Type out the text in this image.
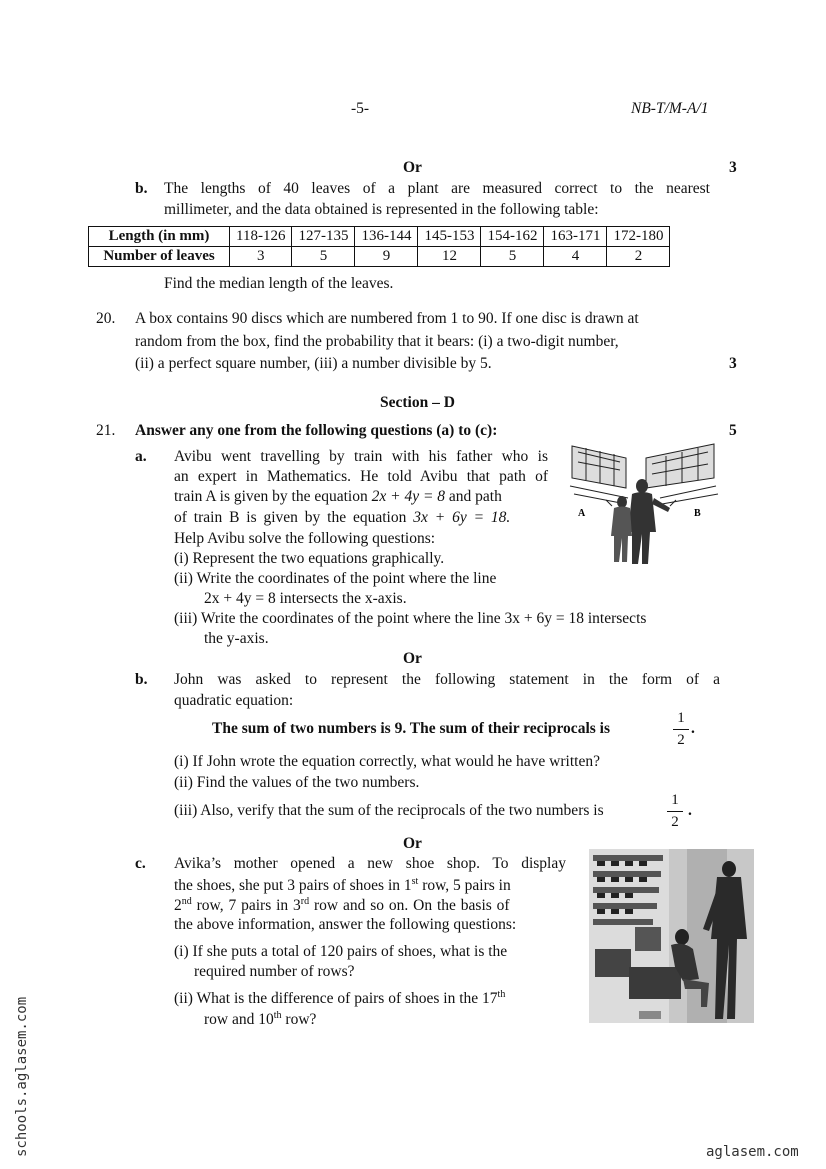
-5-	NB-T/M-A/1
Or	3
b. The lengths of 40 leaves of a plant are measured correct to the nearest
millimeter, and the data obtained is represented in the following table:
Length (in mm)	118-126	127-135	136-144	145-153	154-162	163-171	172-180
Number of leaves	3	5	9	12	5	4	2
Find the median length of the leaves.
20. A box contains 90 discs which are numbered from 1 to 90. If one disc is drawn at
random from the box, find the probability that it bears: (i) a two-digit number,
(ii) a perfect square number, (iii) a number divisible by 5.	3
Section – D
21. Answer any one from the following questions (a) to (c):	5
a. Avibu went travelling by train with his father who is
an expert in Mathematics. He told Avibu that path of
train A is given by the equation 2x + 4y = 8 and path
of train B is given by the equation 3x + 6y = 18.
Help Avibu solve the following questions:
(i) Represent the two equations graphically.
(ii) Write the coordinates of the point where the line
2x + 4y = 8 intersects the x-axis.
(iii) Write the coordinates of the point where the line 3x + 6y = 18 intersects
the y-axis.
A	B
Or
b. John was asked to represent the following statement in the form of a
quadratic equation:
The sum of two numbers is 9. The sum of their reciprocals is
1
2
.
(i) If John wrote the equation correctly, what would he have written?
(ii) Find the values of the two numbers.
(iii) Also, verify that the sum of the reciprocals of the two numbers is
1
2
.
Or
c. Avika’s mother opened a new shoe shop. To display
the shoes, she put 3 pairs of shoes in 1st row, 5 pairs in
2nd row, 7 pairs in 3rd row and so on. On the basis of
the above information, answer the following questions:
(i) If she puts a total of 120 pairs of shoes, what is the
required number of rows?
(ii) What is the difference of pairs of shoes in the 17th
row and 10th row?
schools.aglasem.com	aglasem.com
